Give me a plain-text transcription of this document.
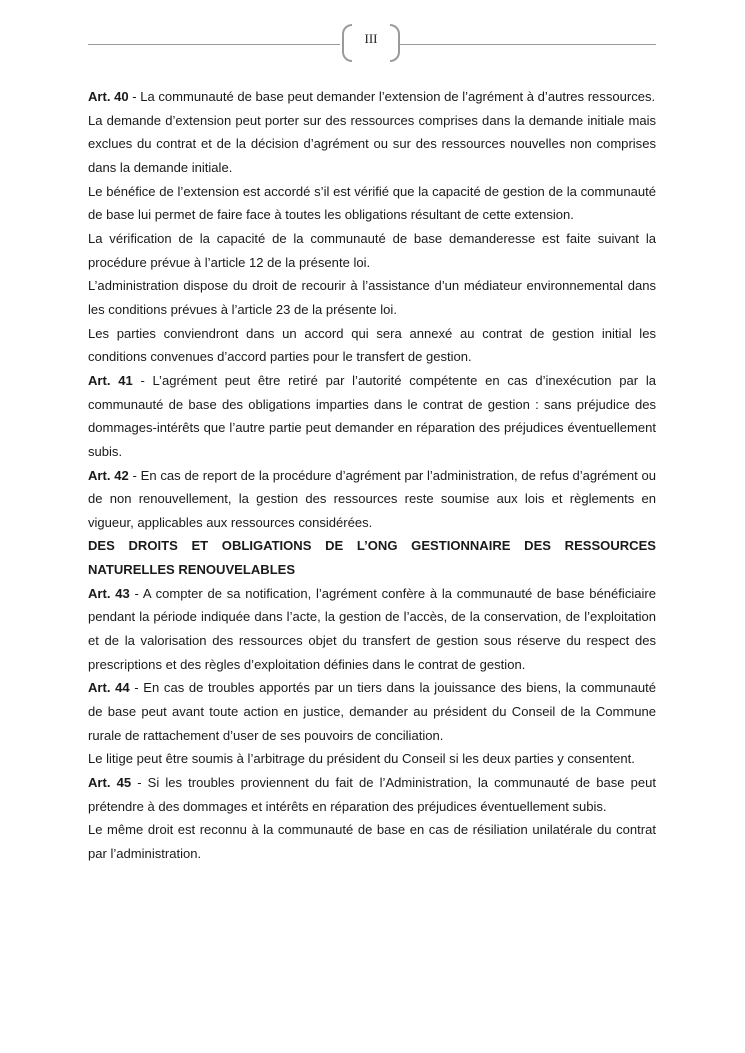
III

Art. 40 - La communauté de base peut demander l’extension de l’agrément à d’autres ressources.

La demande d’extension peut porter sur des ressources comprises dans la demande initiale mais exclues du contrat et de la décision d’agrément ou sur des ressources nouvelles non comprises dans la demande initiale.

Le bénéfice de l’extension est accordé s’il est vérifié que la capacité de gestion de la communauté de base lui permet de faire face à toutes les obligations résultant de cette extension.

La vérification de la capacité de la communauté de base demanderesse est faite suivant la procédure prévue à l’article 12 de la présente loi.

L’administration dispose du droit de recourir à l’assistance d’un médiateur environnemental dans les conditions prévues à l’article 23 de la présente loi.

Les parties conviendront dans un accord qui sera annexé au contrat de gestion initial les conditions convenues d’accord parties pour le transfert de gestion.

Art. 41 - L’agrément peut être retiré par l’autorité compétente en cas d’inexécution par la communauté de base des obligations imparties dans le contrat de gestion : sans préjudice des dommages-intérêts que l’autre partie peut demander en réparation des préjudices éventuellement subis.

Art. 42 - En cas de report de la procédure d’agrément par l’administration, de refus d’agrément ou de non renouvellement, la gestion des ressources reste soumise aux lois et règlements en vigueur, applicables aux ressources considérées.

DES DROITS ET OBLIGATIONS DE L’ONG GESTIONNAIRE DES RESSOURCES NATURELLES RENOUVELABLES

Art. 43 - A compter de sa notification, l’agrément confère à la communauté de base bénéficiaire pendant la période indiquée dans l’acte, la gestion de l’accès, de la conservation, de l’exploitation et de la valorisation des ressources objet du transfert de gestion sous réserve du respect des prescriptions et des règles d’exploitation définies dans le contrat de gestion.

Art. 44 - En cas de troubles apportés par un tiers dans la jouissance des biens, la communauté de base peut avant toute action en justice, demander au président du Conseil de la Commune rurale de rattachement d’user de ses pouvoirs de conciliation.

Le litige peut être soumis à l’arbitrage du président du Conseil si les deux parties y consentent.

Art. 45 - Si les troubles proviennent du fait de l’Administration, la communauté de base peut prétendre à des dommages et intérêts en réparation des préjudices éventuellement subis.

Le même droit est reconnu à la communauté de base en cas de résiliation unilatérale du contrat par l’administration.
